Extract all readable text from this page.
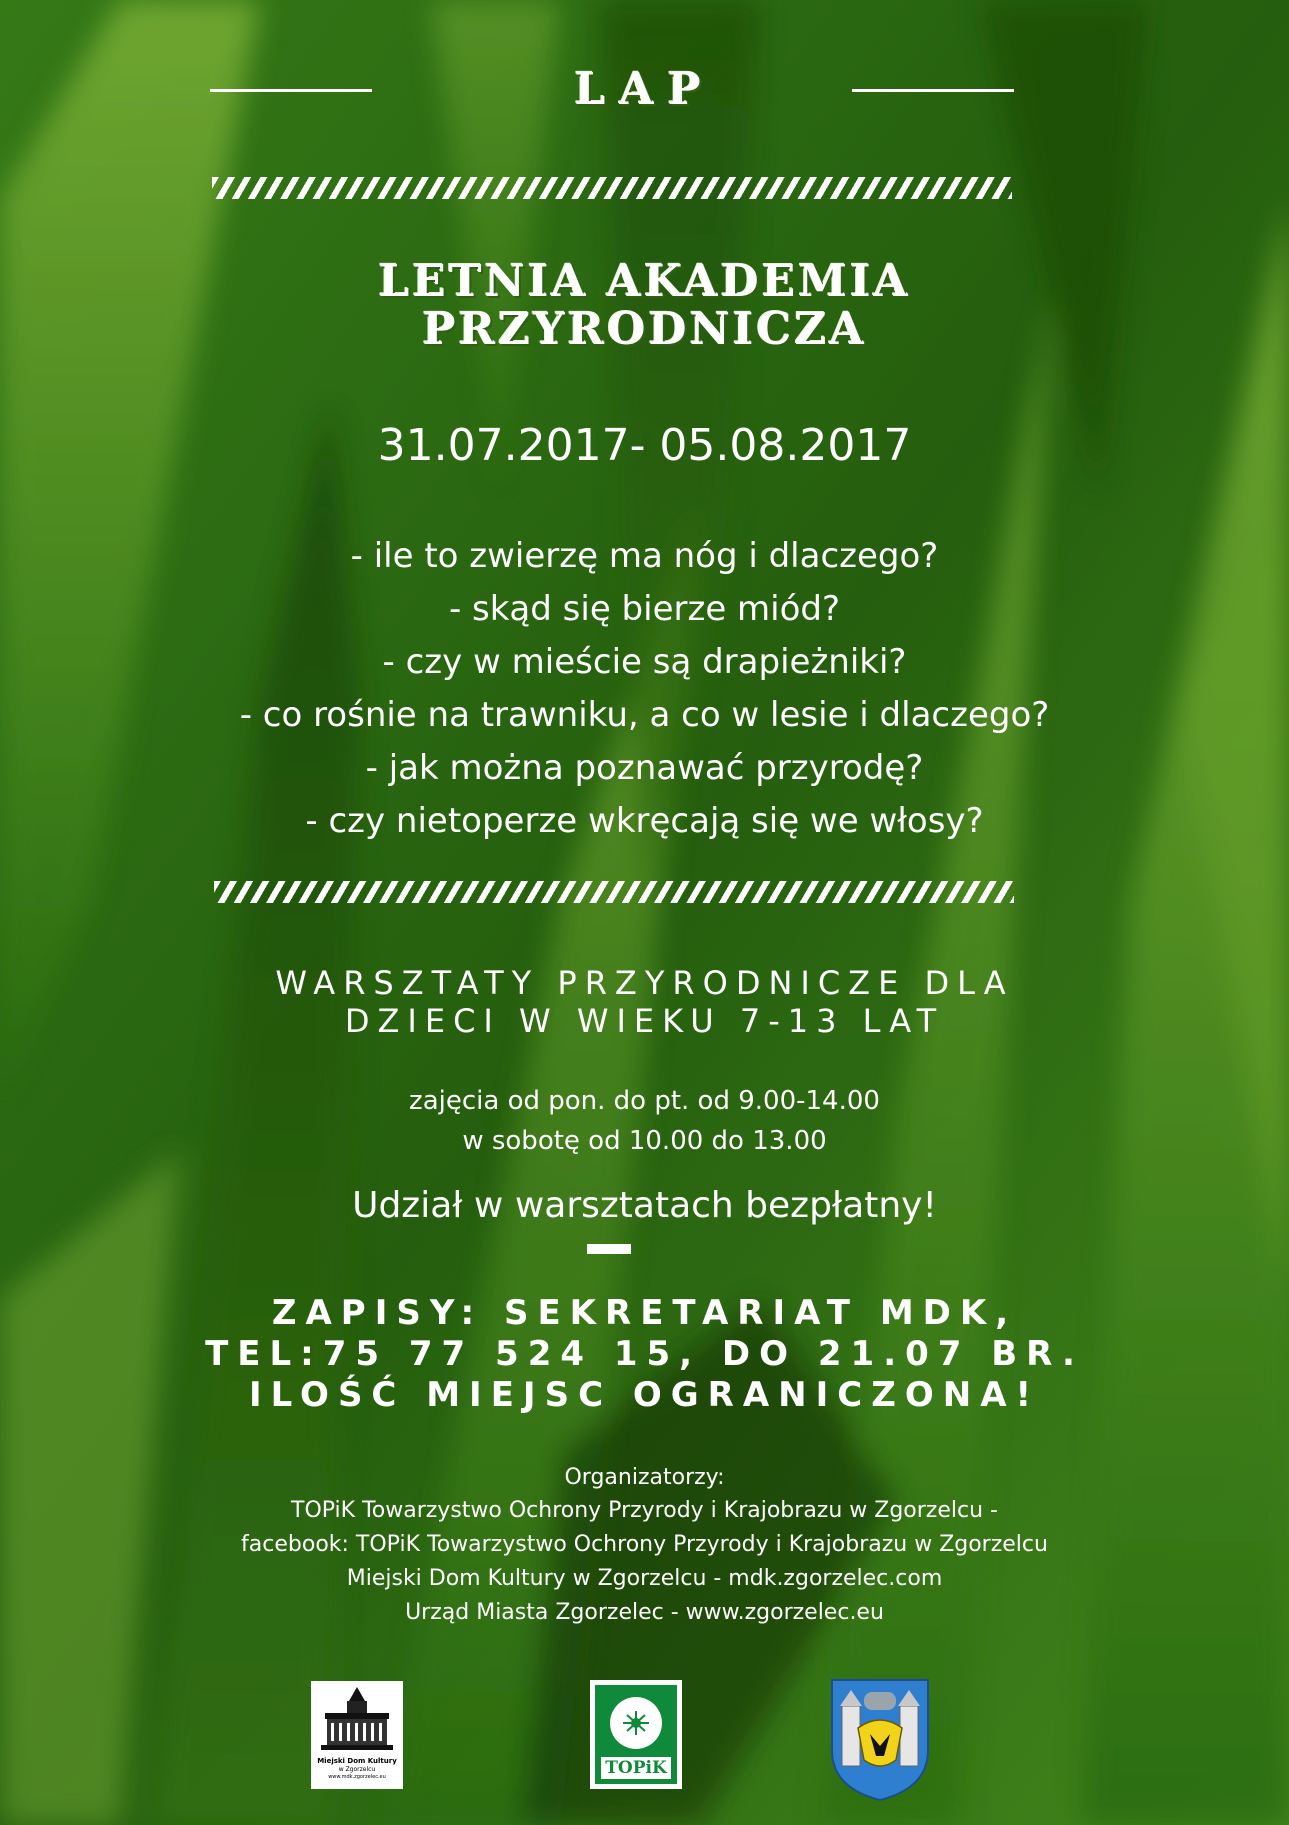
LAP
LETNIA AKADEMIA
PRZYRODNICZA
31.07.2017- 05.08.2017
- ile to zwierzę ma nóg i dlaczego?
- skąd się bierze miód?
- czy w mieście są drapieżniki?
- co rośnie na trawniku, a co w lesie i dlaczego?
- jak można poznawać przyrodę?
- czy nietoperze wkręcają się we włosy?
WARSZTATY PRZYRODNICZE DLA
DZIECI W WIEKU 7-13 LAT
zajęcia od pon. do pt. od 9.00-14.00
w sobotę od 10.00 do 13.00
Udział w warsztatach bezpłatny!
ZAPISY: SEKRETARIAT MDK,
TEL:75 77 524 15, DO 21.07 BR.
ILOŚĆ MIEJSC OGRANICZONA!
Organizatorzy:
TOPiK Towarzystwo Ochrony Przyrody i Krajobrazu w Zgorzelcu -
facebook: TOPiK Towarzystwo Ochrony Przyrody i Krajobrazu w Zgorzelcu
Miejski Dom Kultury w Zgorzelcu - mdk.zgorzelec.com
Urząd Miasta Zgorzelec - www.zgorzelec.eu
Miejski Dom Kultury
w Zgorzelcu
www.mdk.zgorzelec.eu	TOPiK
